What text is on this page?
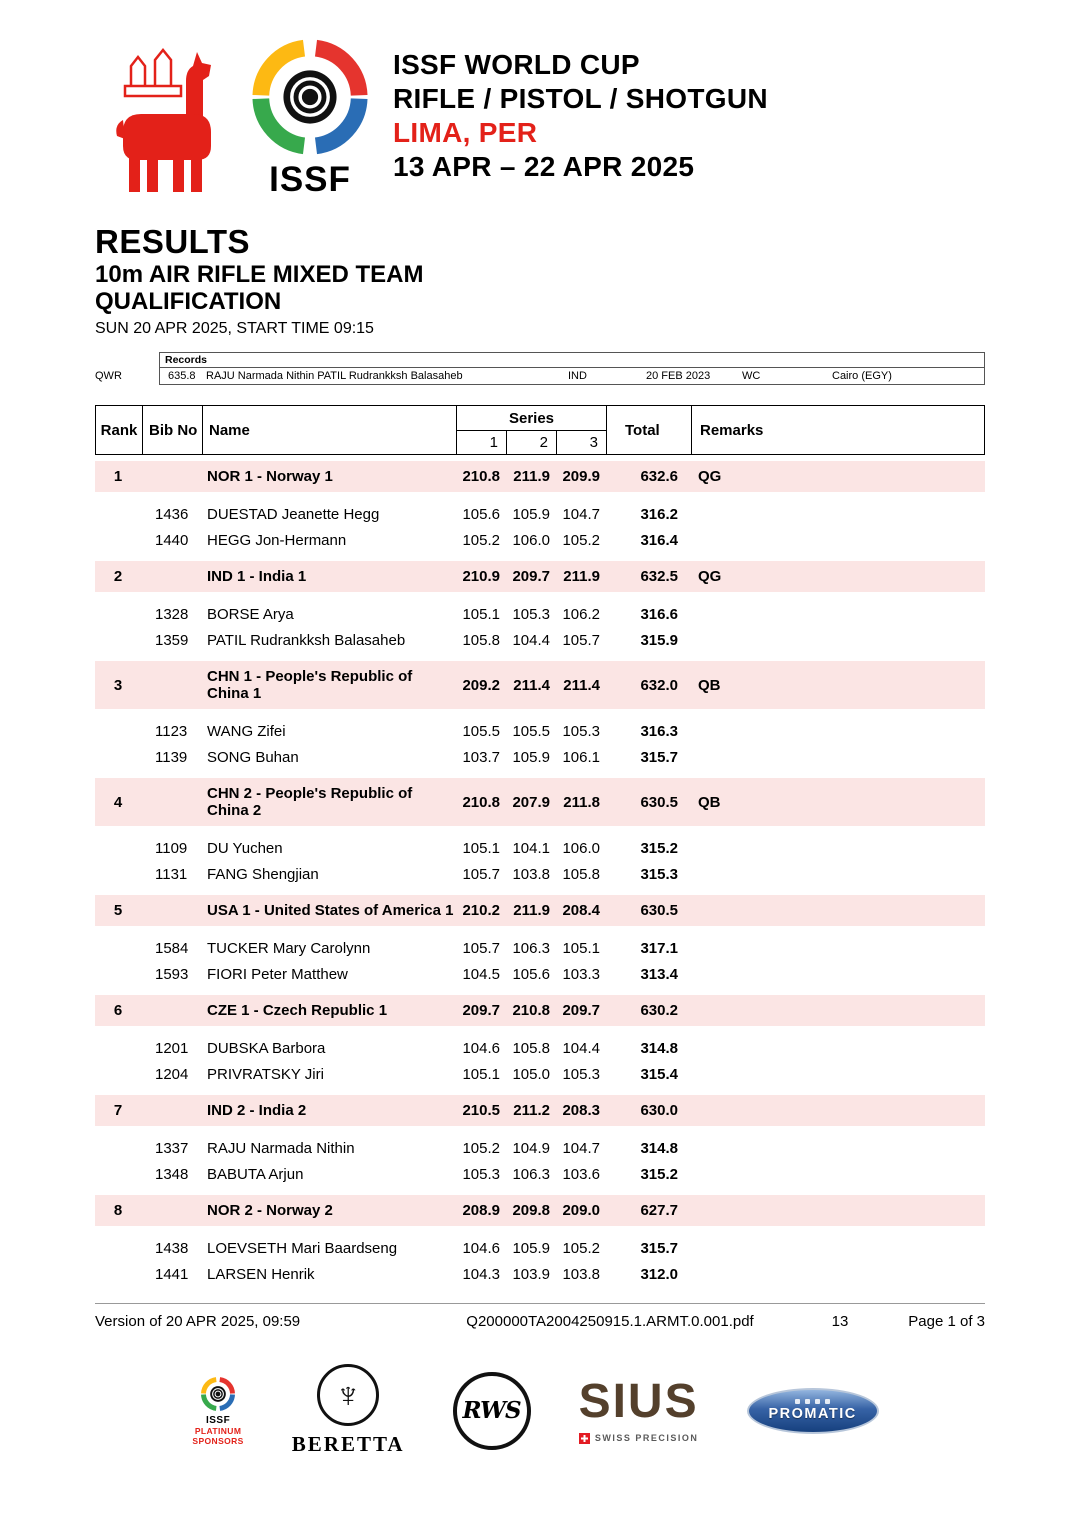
ISSF
ISSF WORLD CUP
RIFLE / PISTOL / SHOTGUN
LIMA, PER
13 APR – 22 APR 2025
RESULTS
10m AIR RIFLE MIXED TEAM
QUALIFICATION
SUN 20 APR 2025, START TIME 09:15
QWR
Records
635.8 RAJU Narmada Nithin PATIL Rudrankksh Balasaheb	IND	20 FEB 2023	WC	Cairo (EGY)
Rank Bib No Name
Series
1	2	3
Total	Remarks
1	NOR 1 - Norway 1	210.8 211.9 209.9	632.6	QG
1436	DUESTAD Jeanette Hegg	105.6 105.9 104.7	316.2
1440	HEGG Jon-Hermann	105.2 106.0 105.2	316.4
2	IND 1 - India 1	210.9 209.7 211.9	632.5	QG
1328	BORSE Arya	105.1 105.3 106.2	316.6
1359	PATIL Rudrankksh Balasaheb	105.8 104.4 105.7	315.9
3	CHN 1 - People's Republic of China 1	209.2 211.4 211.4	632.0	QB
1123	WANG Zifei	105.5 105.5 105.3	316.3
1139	SONG Buhan	103.7 105.9 106.1	315.7
4	CHN 2 - People's Republic of China 2	210.8 207.9 211.8	630.5	QB
1109	DU Yuchen	105.1 104.1 106.0	315.2
1131	FANG Shengjian	105.7 103.8 105.8	315.3
5	USA 1 - United States of America 1 210.2 211.9 208.4	630.5
1584	TUCKER Mary Carolynn	105.7 106.3 105.1	317.1
1593	FIORI Peter Matthew	104.5 105.6 103.3	313.4
6	CZE 1 - Czech Republic 1	209.7 210.8 209.7	630.2
1201	DUBSKA Barbora	104.6 105.8 104.4	314.8
1204	PRIVRATSKY Jiri	105.1 105.0 105.3	315.4
7	IND 2 - India 2	210.5 211.2 208.3	630.0
1337	RAJU Narmada Nithin	105.2 104.9 104.7	314.8
1348	BABUTA Arjun	105.3 106.3 103.6	315.2
8	NOR 2 - Norway 2	208.9 209.8 209.0	627.7
1438	LOEVSETH Mari Baardseng	104.6 105.9 105.2	315.7
1441	LARSEN Henrik	104.3 103.9 103.8	312.0
Version of 20 APR 2025, 09:59	Q200000TA2004250915.1.ARMT.0.001.pdf	13	Page 1 of 3
ISSF
PLATINUM
SPONSORS
♆
BERETTA
RWS SIUS
SWISS PRECISION
PROMATIC
